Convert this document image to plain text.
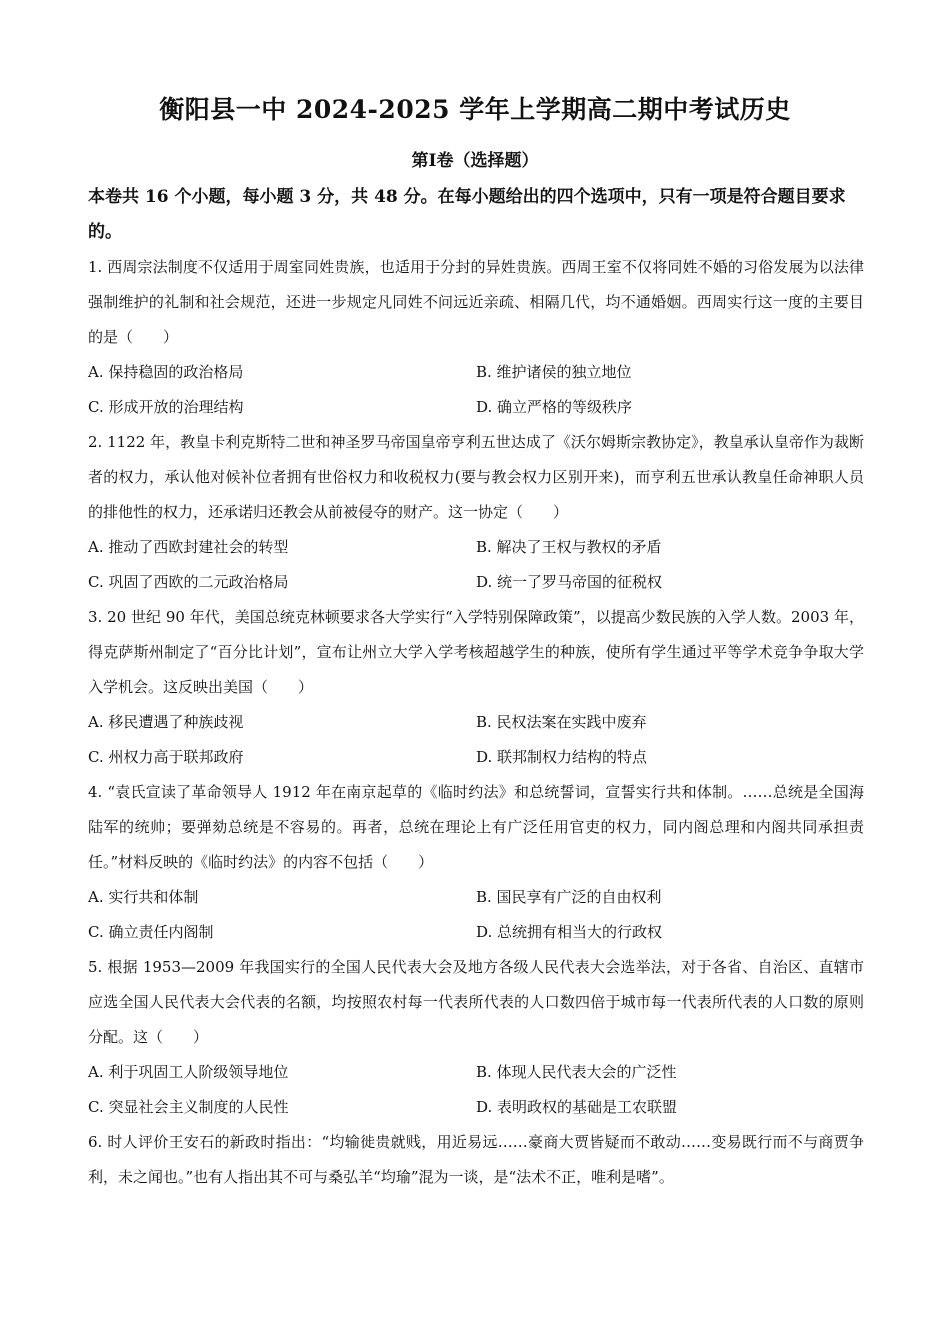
衡阳县一中 2024-2025 学年上学期高二期中考试历史
第Ⅰ卷（选择题）

本卷共 16 个小题，每小题 3 分，共 48 分。在每小题给出的四个选项中，只有一项是符合题目要求的。

1. 西周宗法制度不仅适用于周室同姓贵族，也适用于分封的异姓贵族。西周王室不仅将同姓不婚的习俗发展为以法律强制维护的礼制和社会规范，还进一步规定凡同姓不问远近亲疏、相隔几代，均不通婚姻。西周实行这一度的主要目的是（　　）

A. 保持稳固的政治格局	B. 维护诸侯的独立地位
C. 形成开放的治理结构	D. 确立严格的等级秩序

2. 1122 年，教皇卡利克斯特二世和神圣罗马帝国皇帝亨利五世达成了《沃尔姆斯宗教协定》，教皇承认皇帝作为裁断者的权力，承认他对候补位者拥有世俗权力和收税权力(要与教会权力区别开来)，而亨利五世承认教皇任命神职人员的排他性的权力，还承诺归还教会从前被侵夺的财产。这一协定（　　）

A. 推动了西欧封建社会的转型	B. 解决了王权与教权的矛盾
C. 巩固了西欧的二元政治格局	D. 统一了罗马帝国的征税权

3. 20 世纪 90 年代，美国总统克林顿要求各大学实行“入学特别保障政策”，以提高少数民族的入学人数。2003 年，得克萨斯州制定了“百分比计划”，宣布让州立大学入学考核超越学生的种族，使所有学生通过平等学术竞争争取大学入学机会。这反映出美国（　　）

A. 移民遭遇了种族歧视	B. 民权法案在实践中废弃
C. 州权力高于联邦政府	D. 联邦制权力结构的特点

4. “袁氏宣读了革命领导人 1912 年在南京起草的《临时约法》和总统誓词，宣誓实行共和体制。……总统是全国海陆军的统帅；要弹劾总统是不容易的。再者，总统在理论上有广泛任用官吏的权力，同内阁总理和内阁共同承担责任。”材料反映的《临时约法》的内容不包括（　　）

A. 实行共和体制	B. 国民享有广泛的自由权利
C. 确立责任内阁制	D. 总统拥有相当大的行政权

5. 根据 1953—2009 年我国实行的全国人民代表大会及地方各级人民代表大会选举法，对于各省、自治区、直辖市应选全国人民代表大会代表的名额，均按照农村每一代表所代表的人口数四倍于城市每一代表所代表的人口数的原则分配。这（　　）

A. 利于巩固工人阶级领导地位	B. 体现人民代表大会的广泛性
C. 突显社会主义制度的人民性	D. 表明政权的基础是工农联盟

6. 时人评价王安石的新政时指出：“均输徙贵就贱，用近易远……豪商大贾皆疑而不敢动……变易既行而不与商贾争利，未之闻也。”也有人指出其不可与桑弘羊“均瑜”混为一谈，是“法术不正，唯利是嗜”。
